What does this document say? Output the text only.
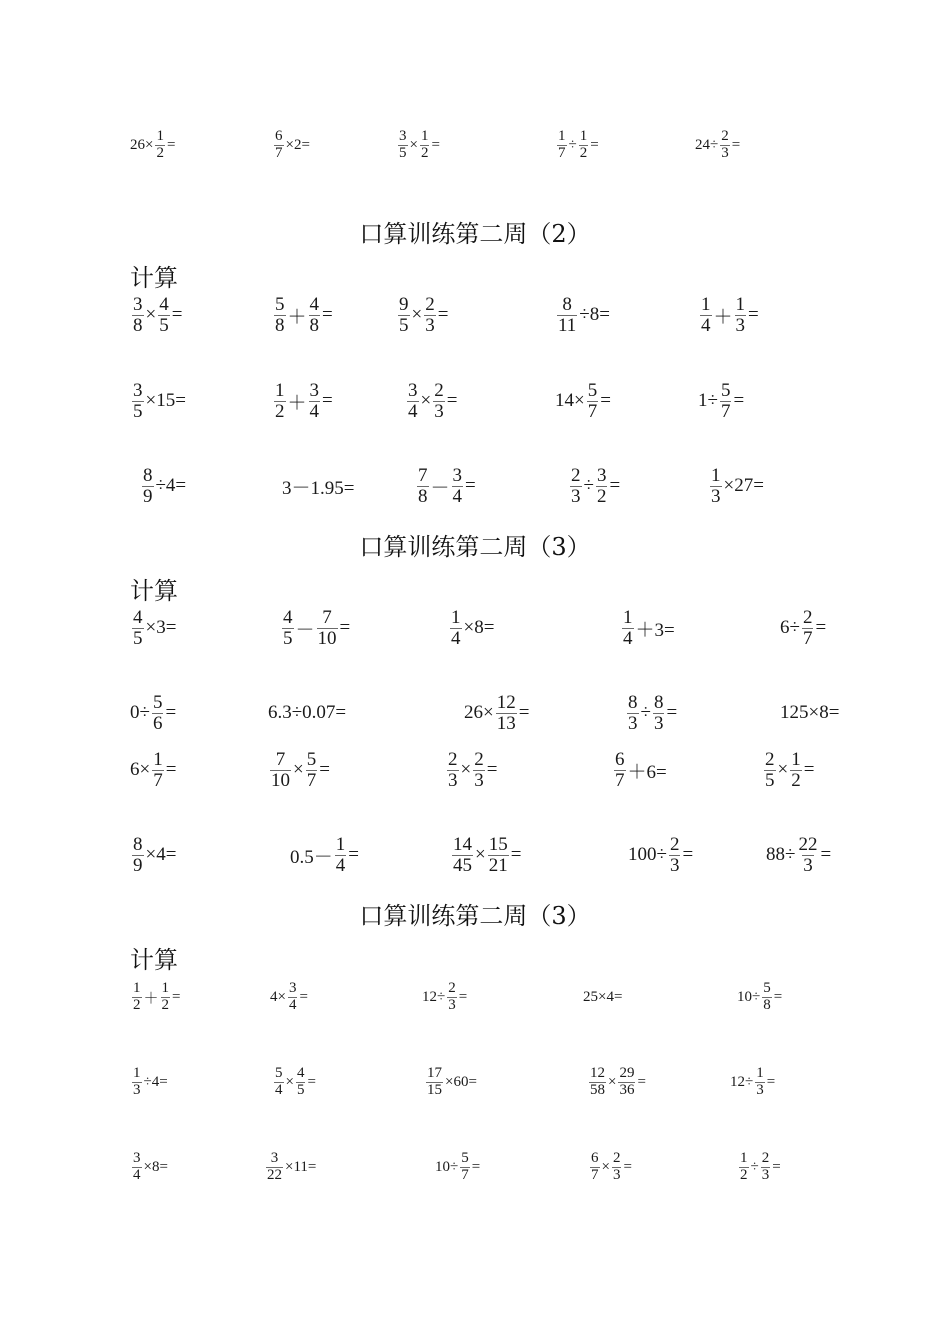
口算训练第二周（2）
计算
口算训练第二周（3）
计算
口算训练第二周（3）
计算
$26\times \frac{1}{2}$ =	$\frac{6}{7} \times 2=$	$\frac{3}{5} \times \frac{1}{2}$ =	$\frac{1}{7} \div \frac{1}{2}$ =	$24\div \frac{2}{3}$ =
$\frac{3}{8} \times \frac{4}{5}$ =	$\frac{5}{8} + \frac{4}{8}$ =	$\frac{9}{5} \times \frac{2}{3}$ =	$\frac{8}{11} \div 8=$	$\frac{1}{4} + \frac{1}{3}$ =
$\frac{3}{5} \times 15=$	$\frac{1}{2} + \frac{3}{4}$ =	$\frac{3}{4} \times \frac{2}{3}$ =	$14\times \frac{5}{7}$ =	$1\div \frac{5}{7}$ =
$\frac{8}{9} \div 4=$	3－1.95=	$\frac{7}{8} - \frac{3}{4}$ =	$\frac{2}{3} \div \frac{3}{2}$ =	$\frac{1}{3} \times 27=$
$\frac{4}{5} \times 3=$	$\frac{4}{5} - \frac{7}{10}$ =	$\frac{1}{4} \times 8=$	$\frac{1}{4} +3=$	$6\div \frac{2}{7}$ =
$0\div \frac{5}{6}$ =	6.3÷0.07=	$26\times \frac{12}{13}$ =	$\frac{8}{3} \div \frac{8}{3}$ =	125×8=
$6\times \frac{1}{7}$ =	$\frac{7}{10} \times \frac{5}{7}$ =	$\frac{2}{3} \times \frac{2}{3}$ =	$\frac{6}{7} +6=$	$\frac{2}{5} \times \frac{1}{2}$ =
$\frac{8}{9} \times 4=$	$0.5- \frac{1}{4}$ =	$\frac{14}{45} \times \frac{15}{21}$ =	$100\div \frac{2}{3}$ =	$88\div \frac{22}{3}$ =
$\frac{1}{2} + \frac{1}{2}$ =	$4\times \frac{3}{4}$ =	$12\div \frac{2}{3}$ =	25×4=	$10\div \frac{5}{8}$ =
$\frac{1}{3} \div 4=$	$\frac{5}{4} \times \frac{4}{5}$ =	$\frac{17}{15} \times 60=$	$\frac{12}{58} \times \frac{29}{36}$ =	$12\div \frac{1}{3}$ =
$\frac{3}{4} \times 8=$	$\frac{3}{22} \times 11=$	$10\div \frac{5}{7}$ =	$\frac{6}{7} \times \frac{2}{3}$ =	$\frac{1}{2} \div \frac{2}{3}$ =
